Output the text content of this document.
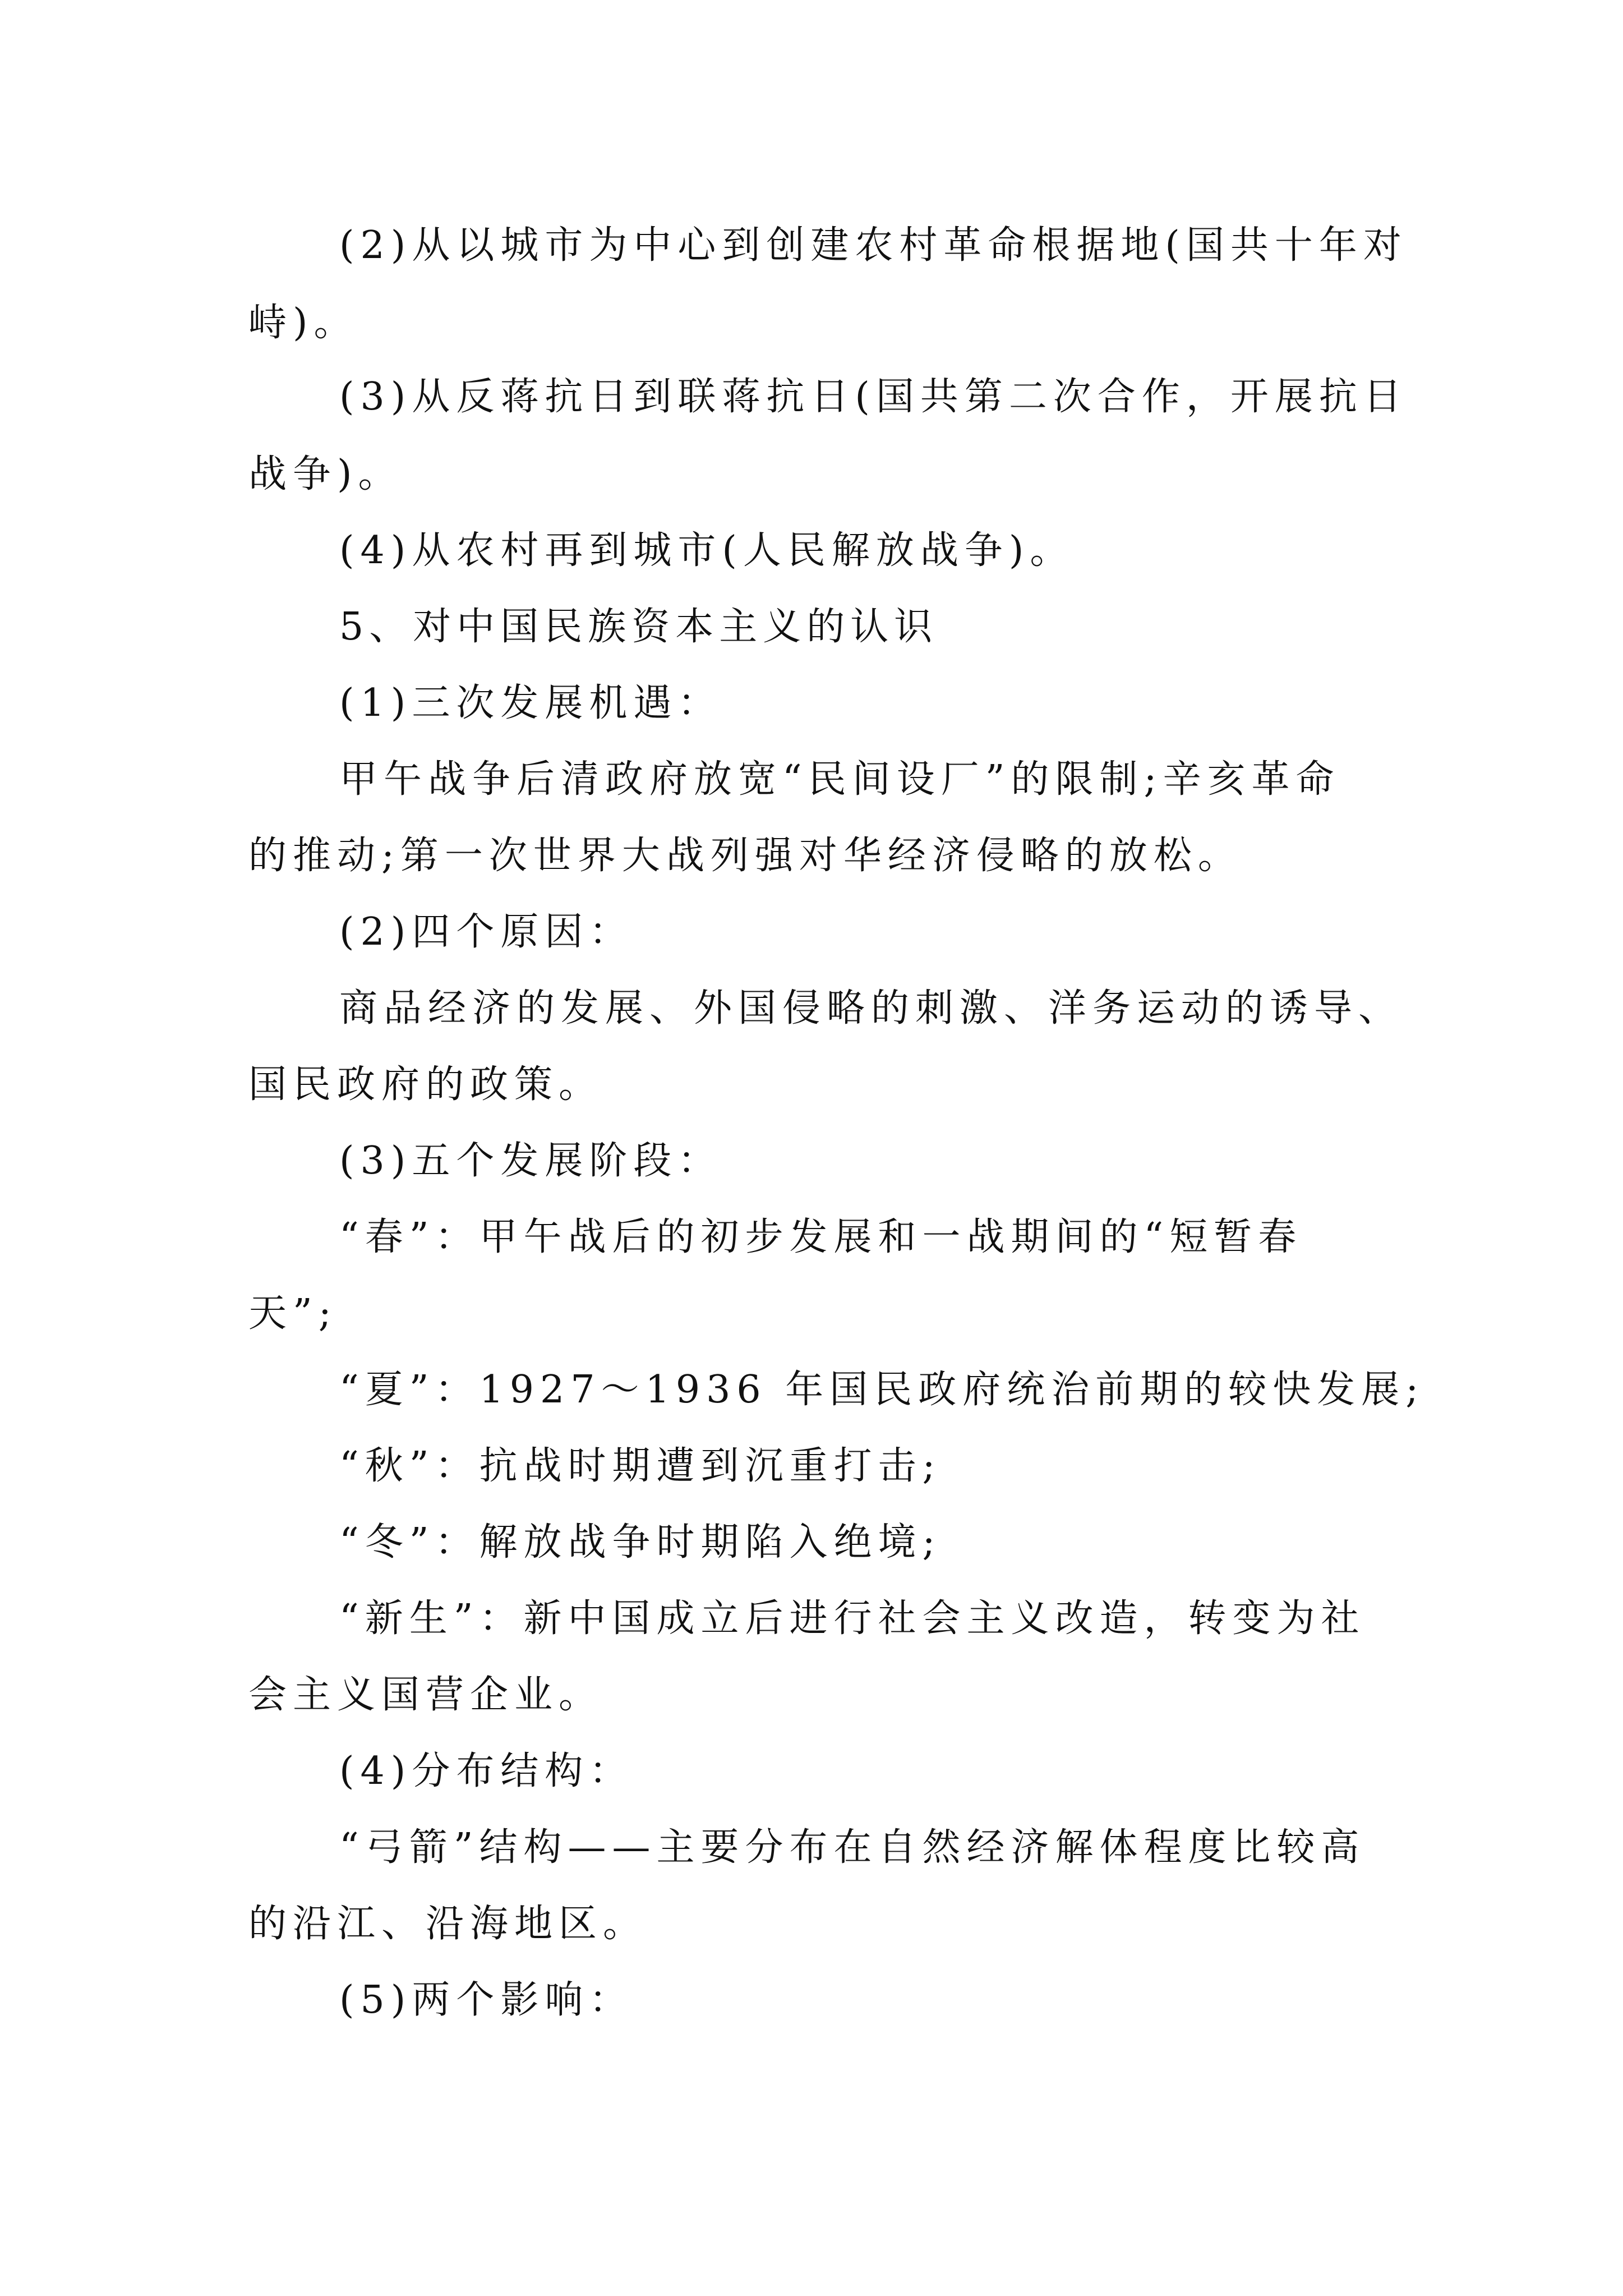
(2)从以城市为中心到创建农村革命根据地(国共十年对
峙)。
(3)从反蒋抗日到联蒋抗日(国共第二次合作，开展抗日
战争)。
(4)从农村再到城市(人民解放战争)。
5、对中国民族资本主义的认识
(1)三次发展机遇：
甲午战争后清政府放宽“民间设厂”的限制;辛亥革命
的推动;第一次世界大战列强对华经济侵略的放松。
(2)四个原因：
商品经济的发展、外国侵略的刺激、洋务运动的诱导、
国民政府的政策。
(3)五个发展阶段：
“春”：甲午战后的初步发展和一战期间的“短暂春
天”;
“夏”：1927～1936 年国民政府统治前期的较快发展;
“秋”：抗战时期遭到沉重打击;
“冬”：解放战争时期陷入绝境;
“新生”：新中国成立后进行社会主义改造，转变为社
会主义国营企业。
(4)分布结构：
“弓箭”结构——主要分布在自然经济解体程度比较高
的沿江、沿海地区。
(5)两个影响：
